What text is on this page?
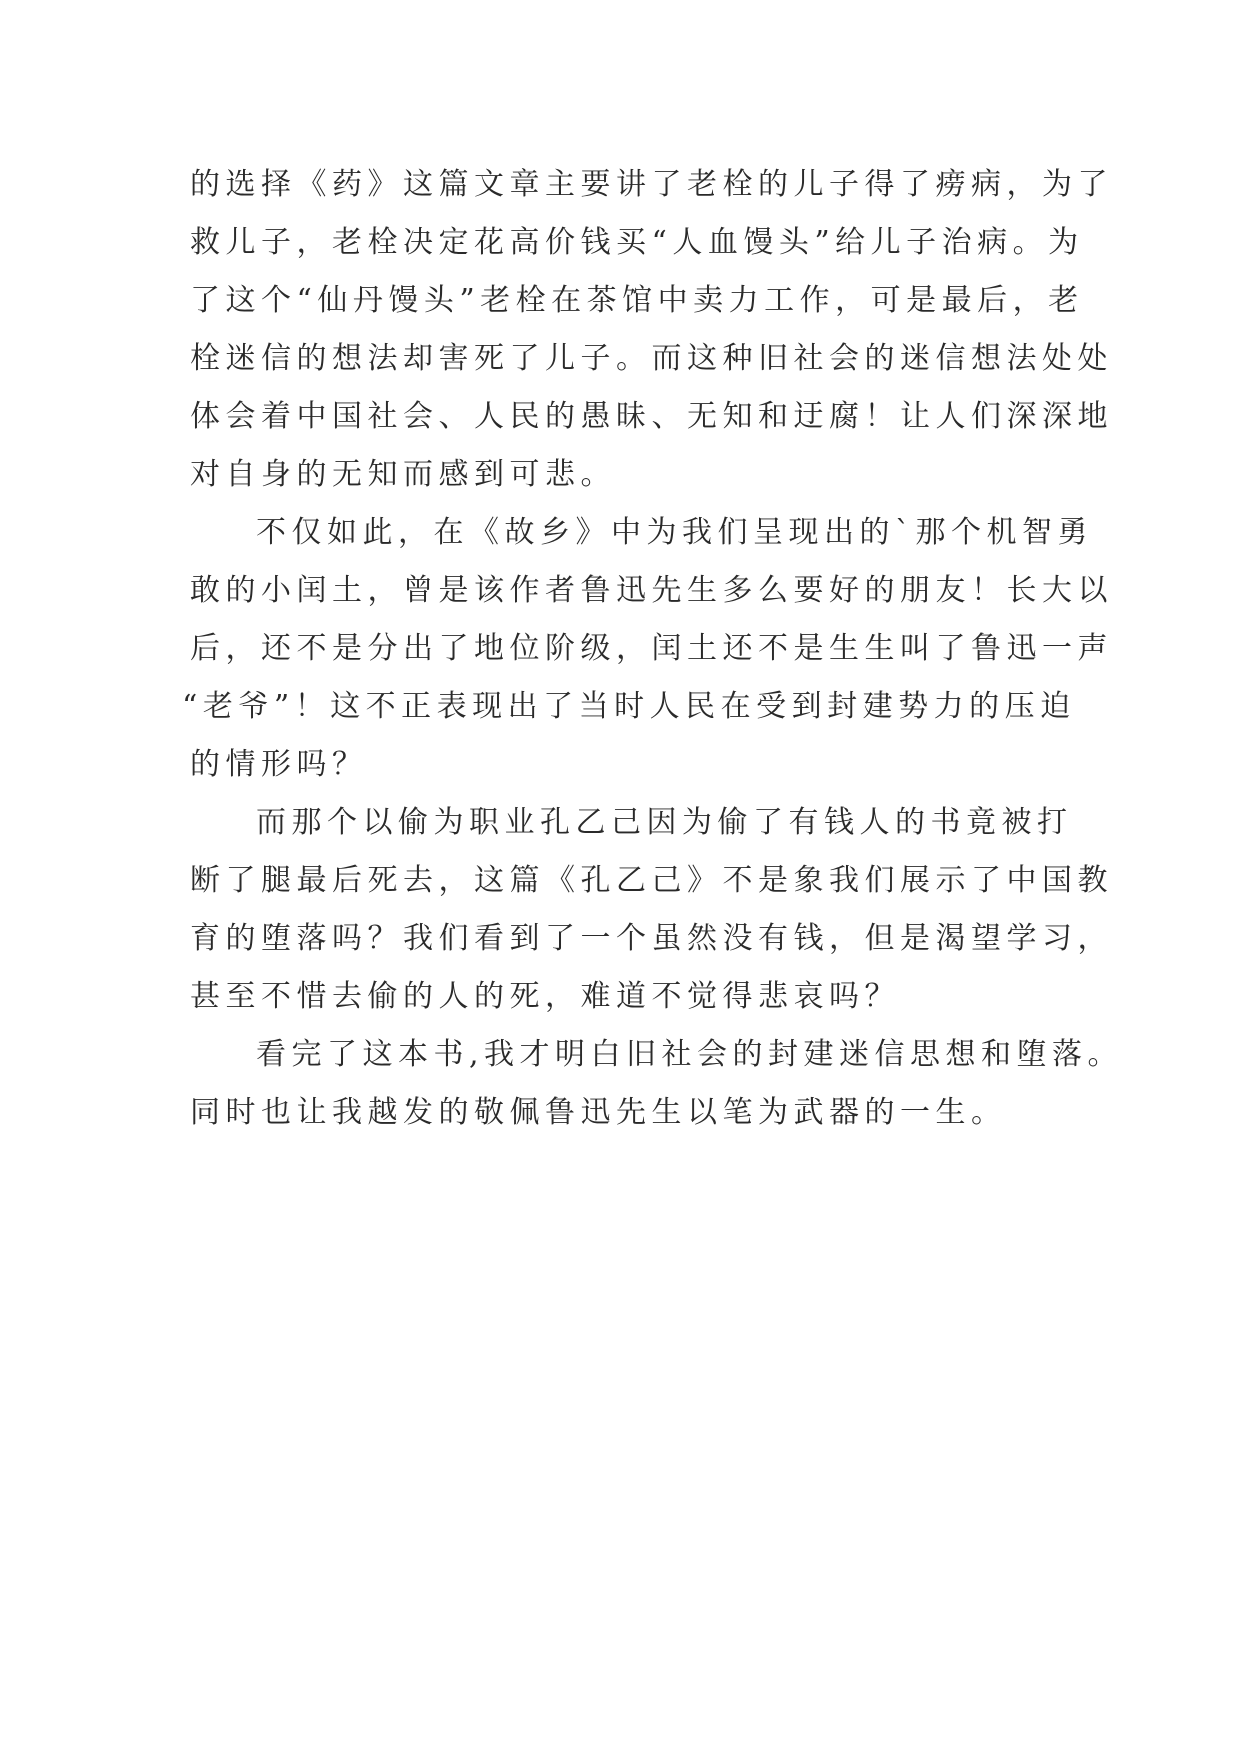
的选择《药》这篇文章主要讲了老栓的儿子得了痨病，为了
救儿子，老栓决定花高价钱买“人血馒头”给儿子治病。为
了这个“仙丹馒头”老栓在茶馆中卖力工作，可是最后，老
栓迷信的想法却害死了儿子。而这种旧社会的迷信想法处处
体会着中国社会、人民的愚昧、无知和迂腐！让人们深深地
对自身的无知而感到可悲。

不仅如此，在《故乡》中为我们呈现出的`那个机智勇
敢的小闰土，曾是该作者鲁迅先生多么要好的朋友！长大以
后，还不是分出了地位阶级，闰土还不是生生叫了鲁迅一声
“老爷”！这不正表现出了当时人民在受到封建势力的压迫
的情形吗？

而那个以偷为职业孔乙己因为偷了有钱人的书竟被打
断了腿最后死去，这篇《孔乙己》不是象我们展示了中国教
育的堕落吗？我们看到了一个虽然没有钱，但是渴望学习，
甚至不惜去偷的人的死，难道不觉得悲哀吗？

看完了这本书,我才明白旧社会的封建迷信思想和堕落。
同时也让我越发的敬佩鲁迅先生以笔为武器的一生。
